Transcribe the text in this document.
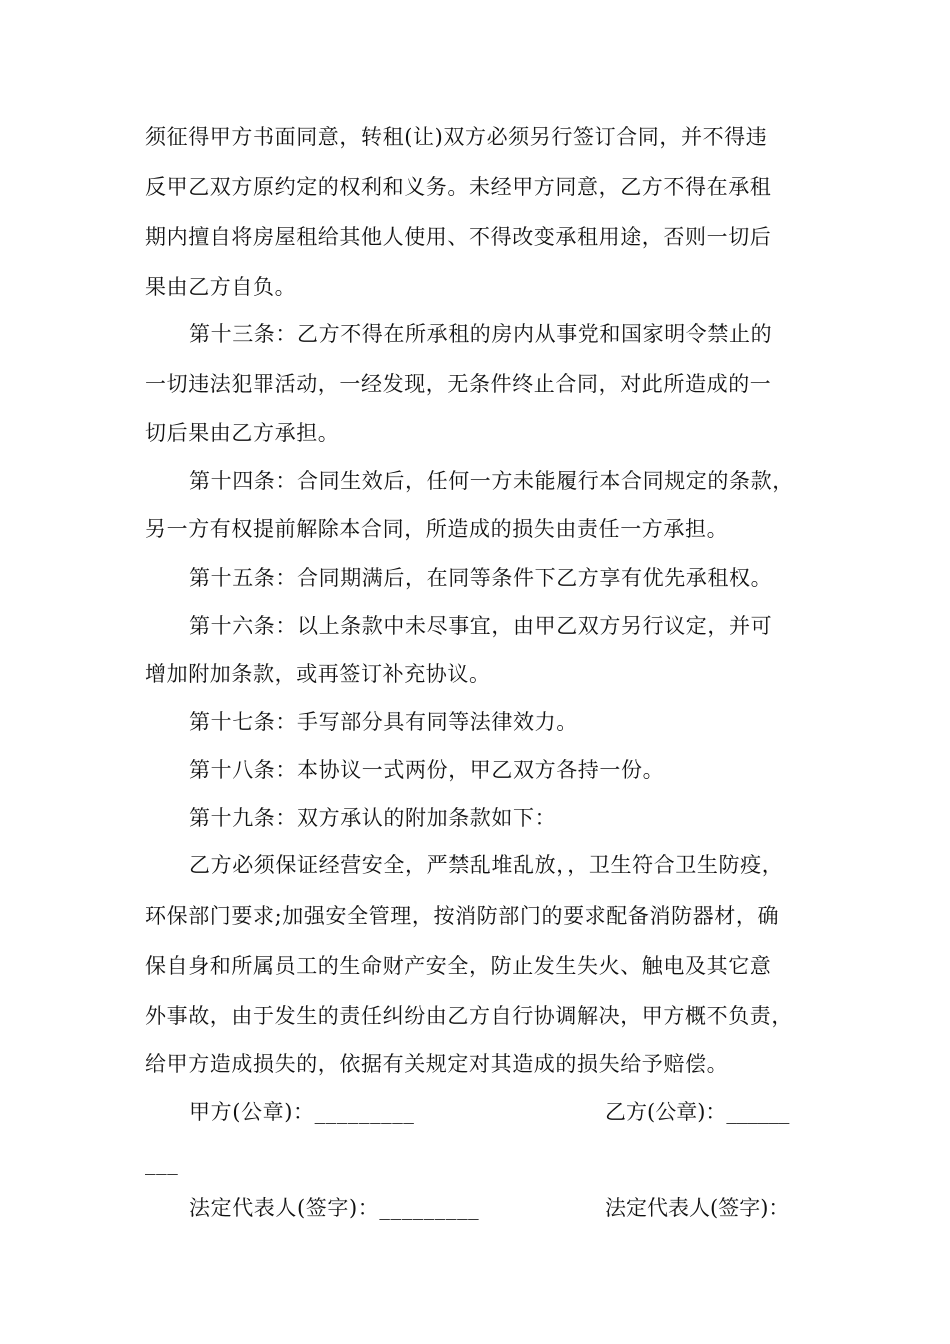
须征得甲方书面同意，转租(让)双方必须另行签订合同，并不得违
反甲乙双方原约定的权利和义务。未经甲方同意，乙方不得在承租
期内擅自将房屋租给其他人使用、不得改变承租用途，否则一切后
果由乙方自负。
第十三条：乙方不得在所承租的房内从事党和国家明令禁止的
一切违法犯罪活动，一经发现，无条件终止合同，对此所造成的一
切后果由乙方承担。
第十四条：合同生效后，任何一方未能履行本合同规定的条款，
另一方有权提前解除本合同，所造成的损失由责任一方承担。
第十五条：合同期满后，在同等条件下乙方享有优先承租权。
第十六条：以上条款中未尽事宜，由甲乙双方另行议定，并可
增加附加条款，或再签订补充协议。
第十七条：手写部分具有同等法律效力。
第十八条：本协议一式两份，甲乙双方各持一份。
第十九条：双方承认的附加条款如下：
乙方必须保证经营安全，严禁乱堆乱放，，卫生符合卫生防疫，
环保部门要求;加强安全管理，按消防部门的要求配备消防器材，确
保自身和所属员工的生命财产安全，防止发生失火、触电及其它意
外事故，由于发生的责任纠纷由乙方自行协调解决，甲方概不负责，
给甲方造成损失的，依据有关规定对其造成的损失给予赔偿。
甲方(公章)：_________	乙方(公章)：______
___
法定代表人(签字)：_________	法定代表人(签字)：
